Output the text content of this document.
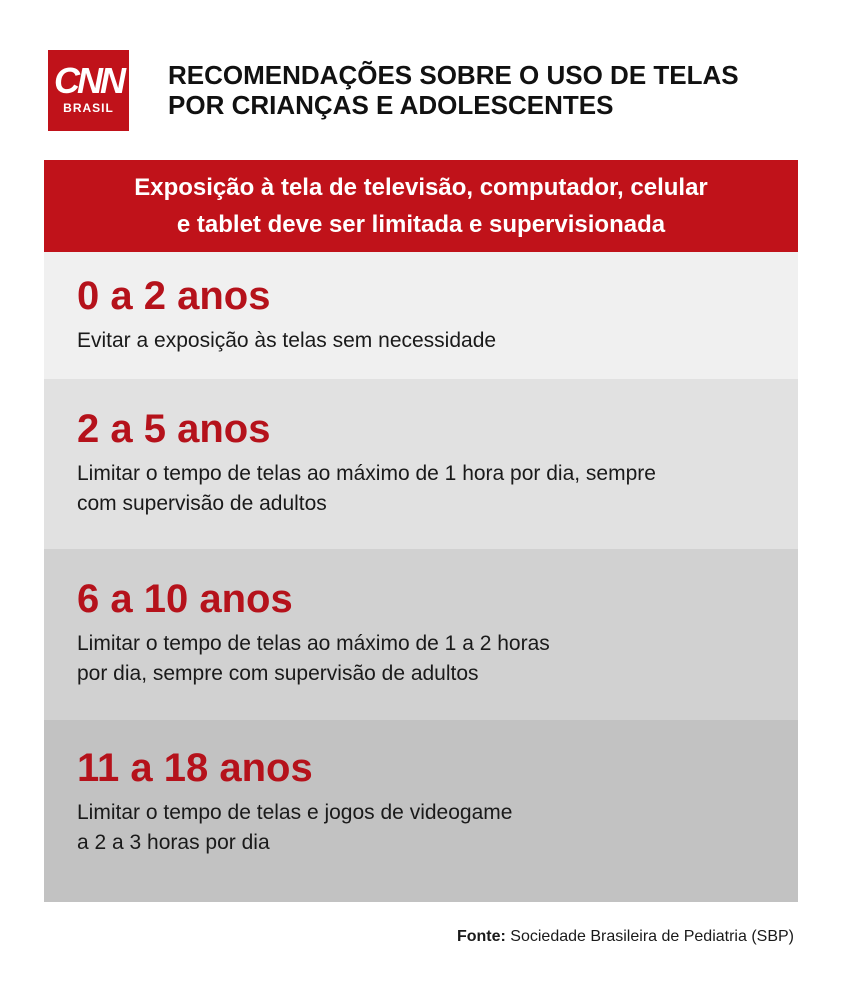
CNN
BRASIL
RECOMENDAÇÕES SOBRE O USO DE TELAS
POR CRIANÇAS E ADOLESCENTES
Exposição à tela de televisão, computador, celular
e tablet deve ser limitada e supervisionada
0 a 2 anos
Evitar a exposição às telas sem necessidade
2 a 5 anos
Limitar o tempo de telas ao máximo de 1 hora por dia, sempre
com supervisão de adultos
6 a 10 anos
Limitar o tempo de telas ao máximo de 1 a 2 horas
por dia, sempre com supervisão de adultos
11 a 18 anos
Limitar o tempo de telas e jogos de videogame
a 2 a 3 horas por dia
Fonte: Sociedade Brasileira de Pediatria (SBP)
